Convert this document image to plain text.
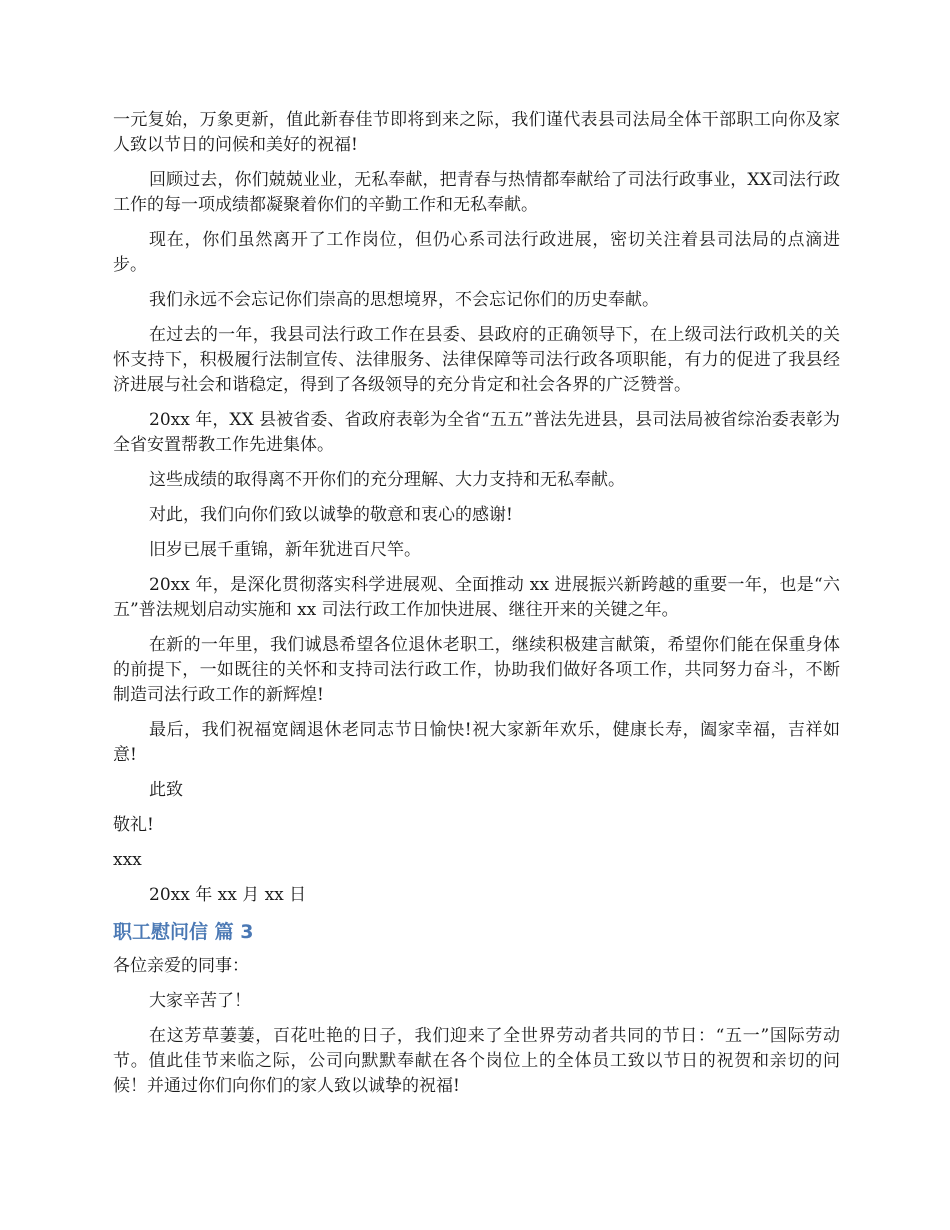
一元复始，万象更新，值此新春佳节即将到来之际，我们谨代表县司法局全体干部职工向你及家人致以节日的问候和美好的祝福!

回顾过去，你们兢兢业业，无私奉献，把青春与热情都奉献给了司法行政事业，XX司法行政工作的每一项成绩都凝聚着你们的辛勤工作和无私奉献。

现在，你们虽然离开了工作岗位，但仍心系司法行政进展，密切关注着县司法局的点滴进步。

我们永远不会忘记你们崇高的思想境界，不会忘记你们的历史奉献。

在过去的一年，我县司法行政工作在县委、县政府的正确领导下，在上级司法行政机关的关怀支持下，积极履行法制宣传、法律服务、法律保障等司法行政各项职能，有力的促进了我县经济进展与社会和谐稳定，得到了各级领导的充分肯定和社会各界的广泛赞誉。

20xx 年，XX 县被省委、省政府表彰为全省“五五”普法先进县，县司法局被省综治委表彰为全省安置帮教工作先进集体。

这些成绩的取得离不开你们的充分理解、大力支持和无私奉献。

对此，我们向你们致以诚挚的敬意和衷心的感谢!

旧岁已展千重锦，新年犹进百尺竿。

20xx 年，是深化贯彻落实科学进展观、全面推动 xx 进展振兴新跨越的重要一年，也是“六五”普法规划启动实施和 xx 司法行政工作加快进展、继往开来的关键之年。

在新的一年里，我们诚恳希望各位退休老职工，继续积极建言献策，希望你们能在保重身体的前提下，一如既往的关怀和支持司法行政工作，协助我们做好各项工作，共同努力奋斗，不断制造司法行政工作的新辉煌!

最后，我们祝福宽阔退休老同志节日愉快!祝大家新年欢乐，健康长寿，阖家幸福，吉祥如意!

此致

敬礼!

xxx

20xx 年 xx 月 xx 日

职工慰问信 篇 3

各位亲爱的同事：

大家辛苦了！

在这芳草萋萋，百花吐艳的日子，我们迎来了全世界劳动者共同的节日：“五一”国际劳动节。值此佳节来临之际，公司向默默奉献在各个岗位上的全体员工致以节日的祝贺和亲切的问候！并通过你们向你们的家人致以诚挚的祝福!
